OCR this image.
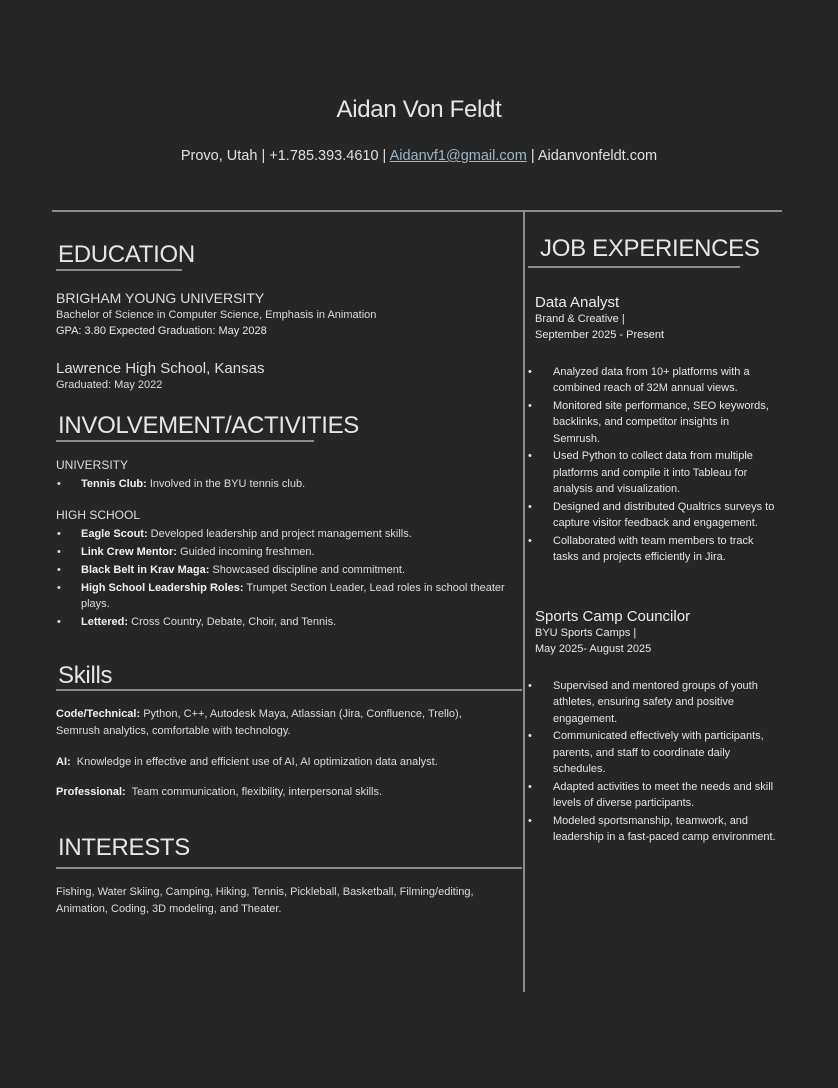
Aidan Von Feldt
Provo, Utah | +1.785.393.4610 | Aidanvf1@gmail.com | Aidanvonfeldt.com
EDUCATION
BRIGHAM YOUNG UNIVERSITY
Bachelor of Science in Computer Science, Emphasis in Animation
GPA: 3.80 Expected Graduation: May 2028
Lawrence High School, Kansas
Graduated: May 2022
INVOLVEMENT/ACTIVITIES
UNIVERSITY
• Tennis Club: Involved in the BYU tennis club.
HIGH SCHOOL
• Eagle Scout: Developed leadership and project management skills.
• Link Crew Mentor: Guided incoming freshmen.
• Black Belt in Krav Maga: Showcased discipline and commitment.
• High School Leadership Roles: Trumpet Section Leader, Lead roles in school theater plays.
• Lettered: Cross Country, Debate, Choir, and Tennis.
Skills
Code/Technical: Python, C++, Autodesk Maya, Atlassian (Jira, Confluence, Trello), Semrush analytics, comfortable with technology.
AI:  Knowledge in effective and efficient use of AI, AI optimization data analyst.
Professional:  Team communication, flexibility, interpersonal skills.
INTERESTS
Fishing, Water Skiing, Camping, Hiking, Tennis, Pickleball, Basketball, Filming/editing, Animation, Coding, 3D modeling, and Theater.
JOB EXPERIENCES
Data Analyst
Brand & Creative |
September 2025 - Present
• Analyzed data from 10+ platforms with a combined reach of 32M annual views.
• Monitored site performance, SEO keywords, backlinks, and competitor insights in Semrush.
• Used Python to collect data from multiple platforms and compile it into Tableau for analysis and visualization.
• Designed and distributed Qualtrics surveys to capture visitor feedback and engagement.
• Collaborated with team members to track tasks and projects efficiently in Jira.
Sports Camp Councilor
BYU Sports Camps |
May 2025- August 2025
• Supervised and mentored groups of youth athletes, ensuring safety and positive engagement.
• Communicated effectively with participants, parents, and staff to coordinate daily schedules.
• Adapted activities to meet the needs and skill levels of diverse participants.
• Modeled sportsmanship, teamwork, and leadership in a fast-paced camp environment.
